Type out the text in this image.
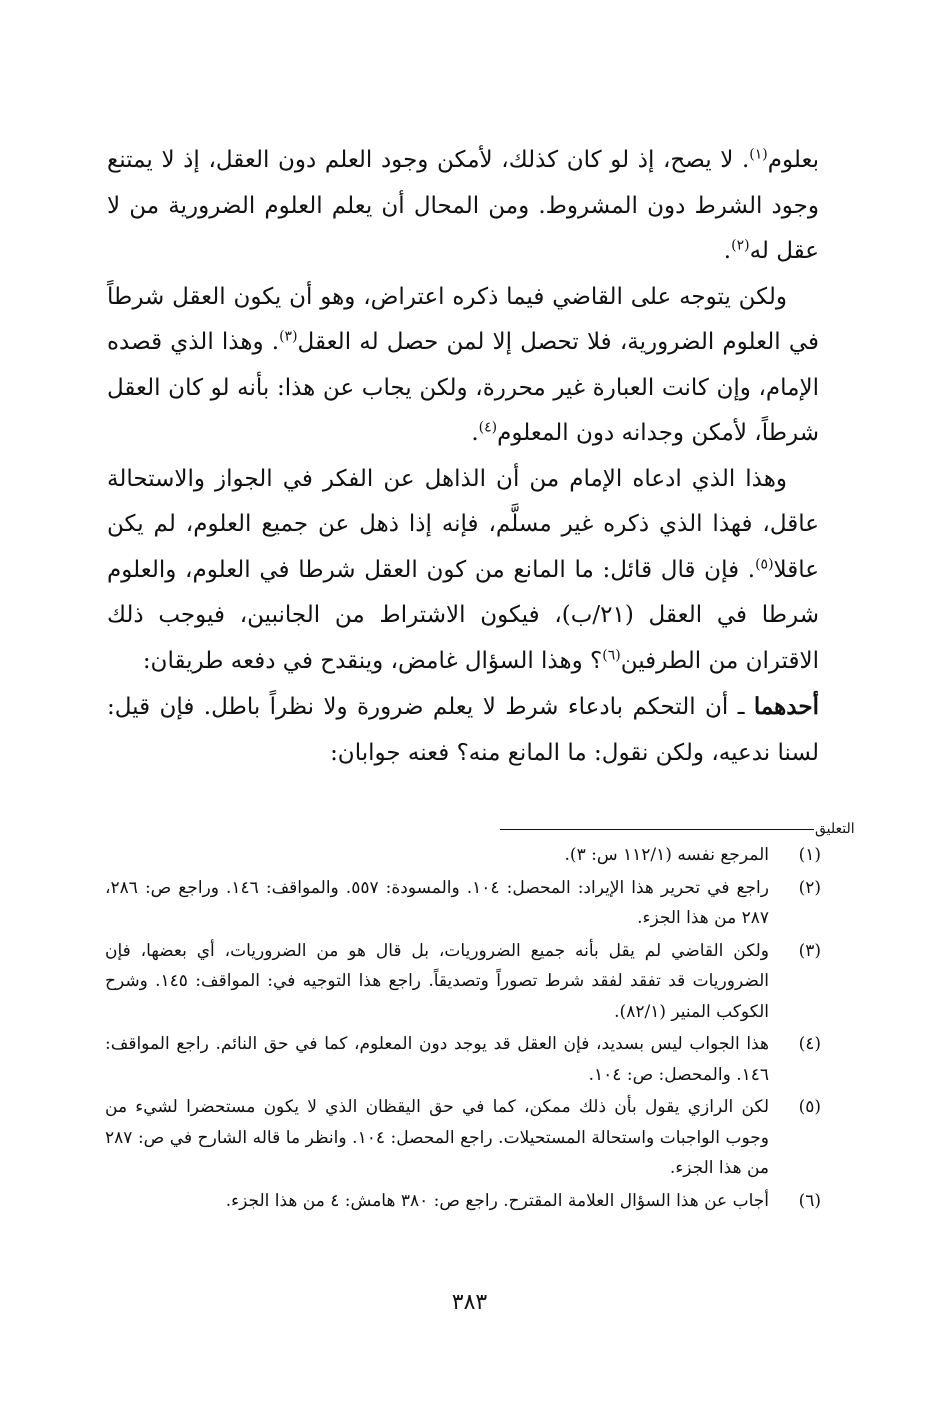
بعلوم$^{(١)}$. لا يصح، إذ لو كان كذلك، لأمكن وجود العلم دون العقل، إذ لا يمتنع وجود الشرط دون المشروط. ومن المحال أن يعلم العلوم الضرورية من لا عقل له$^{(٢)}$.

ولكن يتوجه على القاضي فيما ذكره اعتراض، وهو أن يكون العقل شرطاً في العلوم الضرورية، فلا تحصل إلا لمن حصل له العقل$^{(٣)}$. وهذا الذي قصده الإمام، وإن كانت العبارة غير محررة، ولكن يجاب عن هذا: بأنه لو كان العقل شرطاً، لأمكن وجدانه دون المعلوم$^{(٤)}$.

وهذا الذي ادعاه الإمام من أن الذاهل عن الفكر في الجواز والاستحالة عاقل، فهذا الذي ذكره غير مسلَّم، فإنه إذا ذهل عن جميع العلوم، لم يكن عاقلا$^{(٥)}$. فإن قال قائل: ما المانع من كون العقل شرطا في العلوم، والعلوم شرطا في العقل (٢١/ب)، فيكون الاشتراط من الجانبين، فيوجب ذلك الاقتران من الطرفين$^{(٦)}$؟ وهذا السؤال غامض، وينقدح في دفعه طريقان:

أحدهما ـ أن التحكم بادعاء شرط لا يعلم ضرورة ولا نظراً باطل. فإن قيل: لسنا ندعيه، ولكن نقول: ما المانع منه؟ فعنه جوابان:

التعليق
(١)
المرجع نفسه (١١٢/١ س: ٣).
(٢)
راجع في تحرير هذا الإيراد: المحصل: ١٠٤. والمسودة: ٥٥٧. والمواقف: ١٤٦. وراجع ص: ٢٨٦، ٢٨٧ من هذا الجزء.
(٣)
ولكن القاضي لم يقل بأنه جميع الضروريات، بل قال هو من الضروريات، أي بعضها، فإن الضروريات قد تفقد لفقد شرط تصوراً وتصديقاً. راجع هذا التوجيه في: المواقف: ١٤٥. وشرح الكوكب المنير (٨٢/١).
(٤)
هذا الجواب ليس بسديد، فإن العقل قد يوجد دون المعلوم، كما في حق النائم. راجع المواقف: ١٤٦. والمحصل: ص: ١٠٤.
(٥)
لكن الرازي يقول بأن ذلك ممكن، كما في حق اليقظان الذي لا يكون مستحضرا لشيء من وجوب الواجبات واستحالة المستحيلات. راجع المحصل: ١٠٤. وانظر ما قاله الشارح في ص: ٢٨٧ من هذا الجزء.
(٦)
أجاب عن هذا السؤال العلامة المقترح. راجع ص: ٣٨٠ هامش: ٤ من هذا الجزء.
٣٨٣
